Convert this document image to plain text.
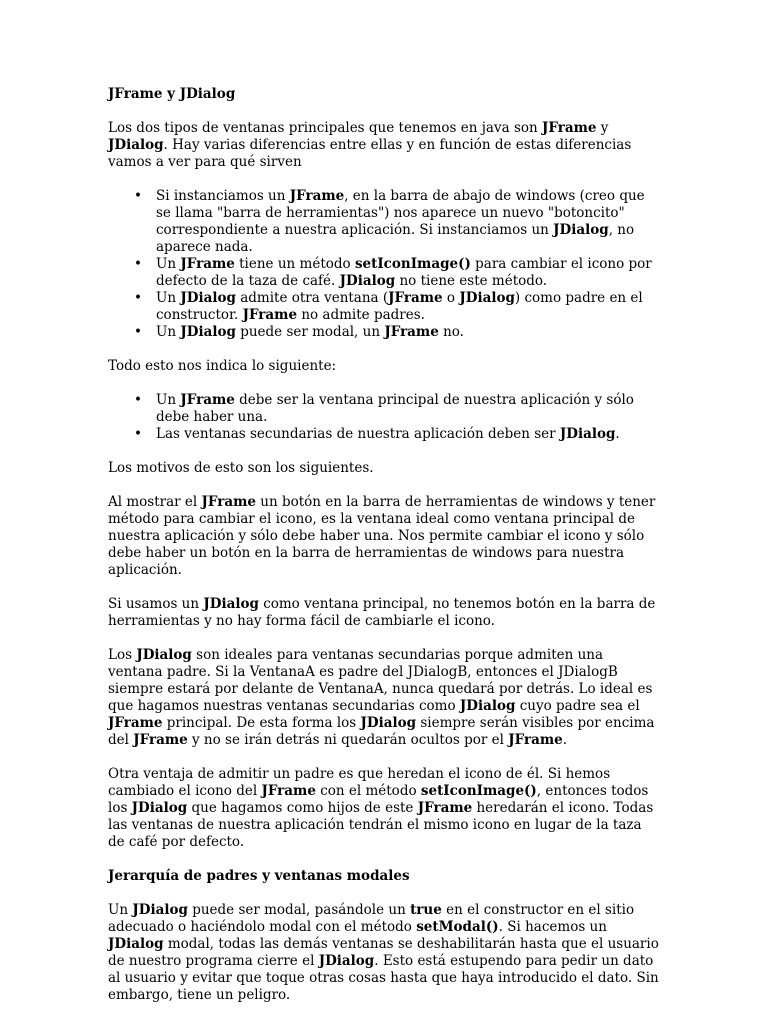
JFrame y JDialog

Los dos tipos de ventanas principales que tenemos en java son JFrame y JDialog. Hay varias diferencias entre ellas y en función de estas diferencias vamos a ver para qué sirven

• Si instanciamos un JFrame, en la barra de abajo de windows (creo que se llama "barra de herramientas") nos aparece un nuevo "botoncito" correspondiente a nuestra aplicación. Si instanciamos un JDialog, no aparece nada.
• Un JFrame tiene un método setIconImage() para cambiar el icono por defecto de la taza de café. JDialog no tiene este método.
• Un JDialog admite otra ventana (JFrame o JDialog) como padre en el constructor. JFrame no admite padres.
• Un JDialog puede ser modal, un JFrame no.

Todo esto nos indica lo siguiente:

• Un JFrame debe ser la ventana principal de nuestra aplicación y sólo debe haber una.
• Las ventanas secundarias de nuestra aplicación deben ser JDialog.

Los motivos de esto son los siguientes.

Al mostrar el JFrame un botón en la barra de herramientas de windows y tener método para cambiar el icono, es la ventana ideal como ventana principal de nuestra aplicación y sólo debe haber una. Nos permite cambiar el icono y sólo debe haber un botón en la barra de herramientas de windows para nuestra aplicación.

Si usamos un JDialog como ventana principal, no tenemos botón en la barra de herramientas y no hay forma fácil de cambiarle el icono.

Los JDialog son ideales para ventanas secundarias porque admiten una ventana padre. Si la VentanaA es padre del JDialogB, entonces el JDialogB siempre estará por delante de VentanaA, nunca quedará por detrás. Lo ideal es que hagamos nuestras ventanas secundarias como JDialog cuyo padre sea el JFrame principal. De esta forma los JDialog siempre serán visibles por encima del JFrame y no se irán detrás ni quedarán ocultos por el JFrame.

Otra ventaja de admitir un padre es que heredan el icono de él. Si hemos cambiado el icono del JFrame con el método setIconImage(), entonces todos los JDialog que hagamos como hijos de este JFrame heredarán el icono. Todas las ventanas de nuestra aplicación tendrán el mismo icono en lugar de la taza de café por defecto.

Jerarquía de padres y ventanas modales

Un JDialog puede ser modal, pasándole un true en el constructor en el sitio adecuado o haciéndolo modal con el método setModal(). Si hacemos un JDialog modal, todas las demás ventanas se deshabilitarán hasta que el usuario de nuestro programa cierre el JDialog. Esto está estupendo para pedir un dato al usuario y evitar que toque otras cosas hasta que haya introducido el dato. Sin embargo, tiene un peligro.
